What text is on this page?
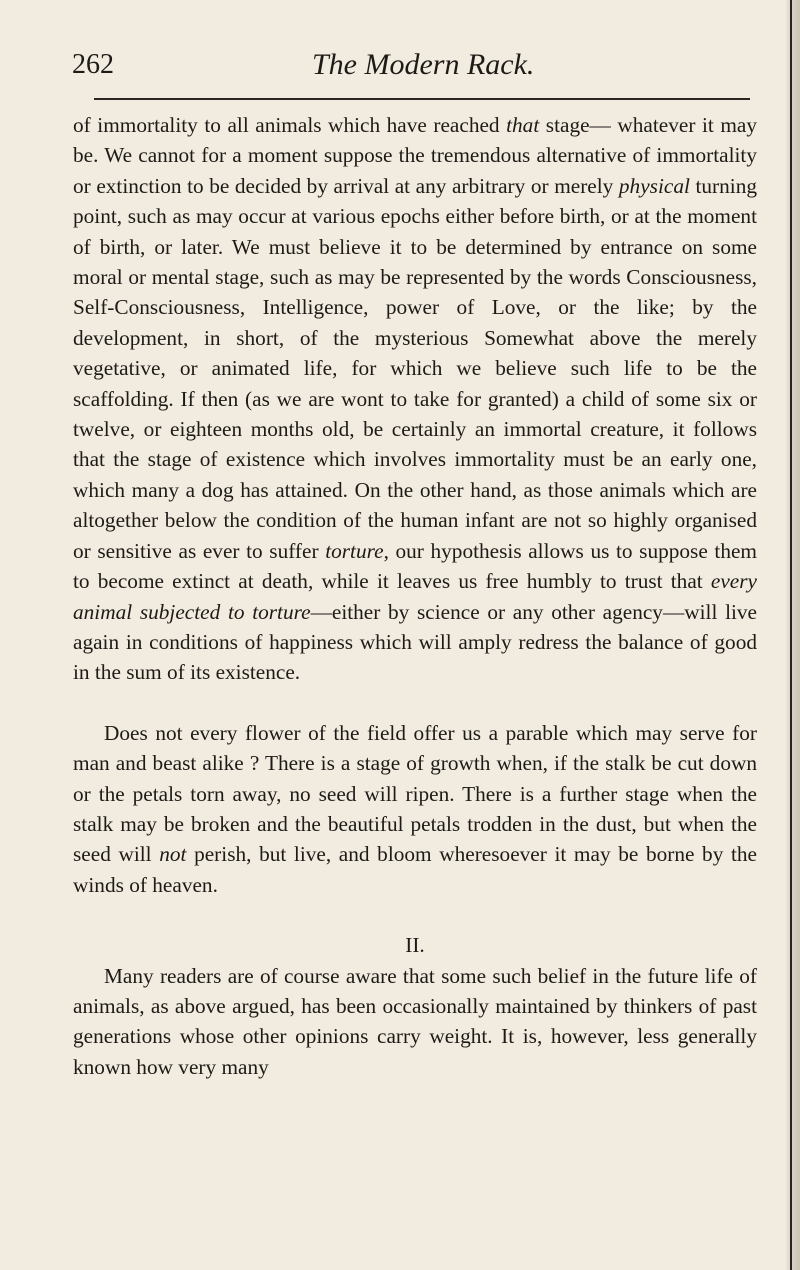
262	The Modern Rack.

of immortality to all animals which have reached that stage— whatever it may be. We cannot for a moment suppose the tremendous alternative of immortality or extinction to be decided by arrival at any arbitrary or merely physical turning point, such as may occur at various epochs either before birth, or at the moment of birth, or later. We must believe it to be determined by entrance on some moral or mental stage, such as may be represented by the words Consciousness, Self-Consciousness, Intelligence, power of Love, or the like; by the development, in short, of the mysterious Somewhat above the merely vegetative, or animated life, for which we believe such life to be the scaffolding. If then (as we are wont to take for granted) a child of some six or twelve, or eighteen months old, be certainly an immortal creature, it follows that the stage of existence which involves immortality must be an early one, which many a dog has attained. On the other hand, as those animals which are altogether below the condition of the human infant are not so highly organised or sensitive as ever to suffer torture, our hypothesis allows us to suppose them to become extinct at death, while it leaves us free humbly to trust that every animal subjected to torture—either by science or any other agency—will live again in conditions of happiness which will amply redress the balance of good in the sum of its existence.

Does not every flower of the field offer us a parable which may serve for man and beast alike ? There is a stage of growth when, if the stalk be cut down or the petals torn away, no seed will ripen. There is a further stage when the stalk may be broken and the beautiful petals trodden in the dust, but when the seed will not perish, but live, and bloom wheresoever it may be borne by the winds of heaven.

II.

Many readers are of course aware that some such belief in the future life of animals, as above argued, has been occasionally maintained by thinkers of past generations whose other opinions carry weight. It is, however, less generally known how very many
